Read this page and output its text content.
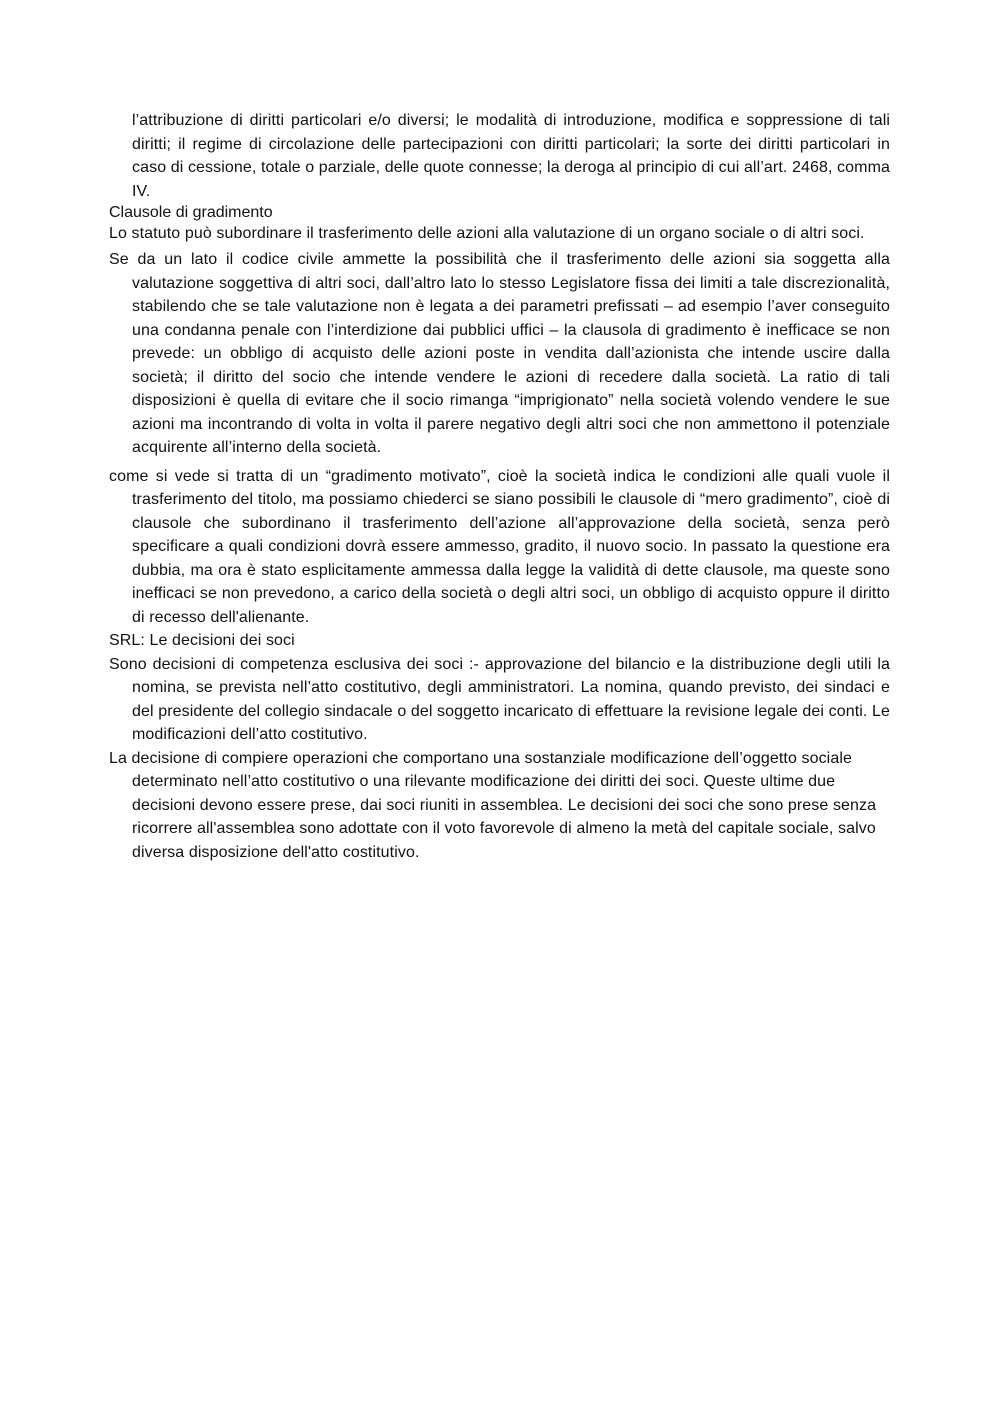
l’attribuzione di diritti particolari e/o diversi; le modalità di introduzione, modifica e soppressione di tali diritti; il regime di circolazione delle partecipazioni con diritti particolari; la sorte dei diritti particolari in caso di cessione, totale o parziale, delle quote connesse; la deroga al principio di cui all’art. 2468, comma IV.

Clausole di gradimento

Lo statuto può subordinare il trasferimento delle azioni alla valutazione di un organo sociale o di altri soci.

Se da un lato il codice civile ammette la possibilità che il trasferimento delle azioni sia soggetta alla valutazione soggettiva di altri soci, dall’altro lato lo stesso Legislatore fissa dei limiti a tale discrezionalità, stabilendo che se tale valutazione non è legata a dei parametri prefissati – ad esempio l’aver conseguito una condanna penale con l’interdizione dai pubblici uffici – la clausola di gradimento è inefficace se non prevede: un obbligo di acquisto delle azioni poste in vendita dall’azionista che intende uscire dalla società; il diritto del socio che intende vendere le azioni di recedere dalla società. La ratio di tali disposizioni è quella di evitare che il socio rimanga “imprigionato” nella società volendo vendere le sue azioni ma incontrando di volta in volta il parere negativo degli altri soci che non ammettono il potenziale acquirente all’interno della società.

come si vede si tratta di un “gradimento motivato”, cioè la società indica le condizioni alle quali vuole il trasferimento del titolo, ma possiamo chiederci se siano possibili le clausole di “mero gradimento”, cioè di clausole che subordinano il trasferimento dell’azione all’approvazione della società, senza però specificare a quali condizioni dovrà essere ammesso, gradito, il nuovo socio. In passato la questione era dubbia, ma ora è stato esplicitamente ammessa dalla legge la validità di dette clausole, ma queste sono inefficaci se non prevedono, a carico della società o degli altri soci, un obbligo di acquisto oppure il diritto di recesso dell'alienante.

SRL: Le decisioni dei soci

Sono decisioni di competenza esclusiva dei soci :- approvazione del bilancio e la distribuzione degli utili la nomina, se prevista nell’atto costitutivo, degli amministratori. La nomina, quando previsto, dei sindaci e del presidente del collegio sindacale o del soggetto incaricato di effettuare la revisione legale dei conti. Le modificazioni dell’atto costitutivo.

La decisione di compiere operazioni che comportano una sostanziale modificazione dell’oggetto sociale determinato nell’atto costitutivo o una rilevante modificazione dei diritti dei soci. Queste ultime due decisioni devono essere prese, dai soci riuniti in assemblea. Le decisioni dei soci che sono prese senza ricorrere all'assemblea sono adottate con il voto favorevole di almeno la metà del capitale sociale, salvo diversa disposizione dell'atto costitutivo.
